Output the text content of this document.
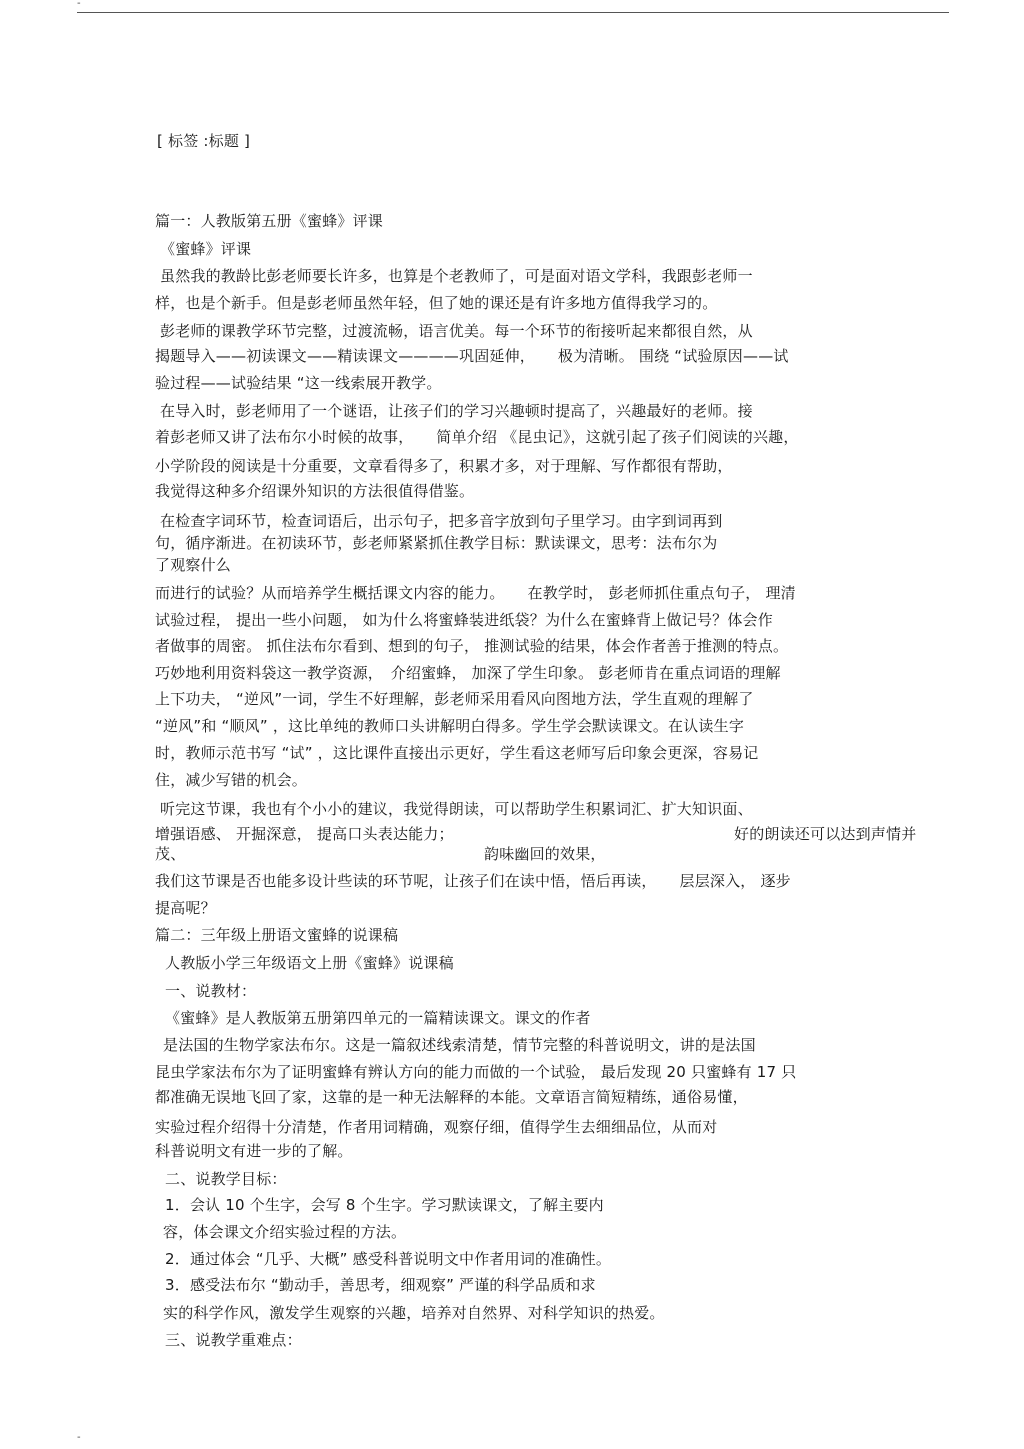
-
[ 标签 :标题 ]
篇一：人教版第五册《蜜蜂》评课
《蜜蜂》评课
虽然我的教龄比彭老师要长许多，也算是个老教师了，可是面对语文学科，我跟彭老师一
样，也是个新手。但是彭老师虽然年轻，但了她的课还是有许多地方值得我学习的。
彭老师的课教学环节完整，过渡流畅，语言优美。每一个环节的衔接听起来都很自然，从
揭题导入——初读课文——精读课文————巩固延伸，　　极为清晰。 围绕 “试验原因——试
验过程——试验结果 “这一线索展开教学。
在导入时，彭老师用了一个谜语，让孩子们的学习兴趣顿时提高了，兴趣最好的老师。接
着彭老师又讲了法布尔小时候的故事，　　简单介绍 《昆虫记》，这就引起了孩子们阅读的兴趣，
小学阶段的阅读是十分重要，文章看得多了，积累才多，对于理解、写作都很有帮助，
我觉得这种多介绍课外知识的方法很值得借鉴。
在检查字词环节，检查词语后，出示句子，把多音字放到句子里学习。由字到词再到
句，循序渐进。在初读环节，彭老师紧紧抓住教学目标：默读课文，思考：法布尔为
了观察什么
而进行的试验？从而培养学生概括课文内容的能力。　　在教学时， 彭老师抓住重点句子， 理清
试验过程， 提出一些小问题， 如为什么将蜜蜂装进纸袋？为什么在蜜蜂背上做记号？体会作
者做事的周密。 抓住法布尔看到、想到的句子， 推测试验的结果，体会作者善于推测的特点。
巧妙地利用资料袋这一教学资源，　介绍蜜蜂， 加深了学生印象。 彭老师肯在重点词语的理解
上下功夫， “逆风”一词，学生不好理解，彭老师采用看风向图地方法，学生直观的理解了
“逆风”和 “顺风” ，这比单纯的教师口头讲解明白得多。学生学会默读课文。在认读生字
时，教师示范书写 “试” ，这比课件直接出示更好，学生看这老师写后印象会更深，容易记
住，减少写错的机会。
听完这节课，我也有个小小的建议，我觉得朗读，可以帮助学生积累词汇、扩大知识面、
增强语感、 开掘深意， 提高口头表达能力；	好的朗读还可以达到声情并
茂、	韵味幽回的效果，
我们这节课是否也能多设计些读的环节呢，让孩子们在读中悟，悟后再读，　　层层深入， 逐步
提高呢？
篇二：三年级上册语文蜜蜂的说课稿
人教版小学三年级语文上册《蜜蜂》说课稿
一、说教材：
《蜜蜂》是人教版第五册第四单元的一篇精读课文。课文的作者
是法国的生物学家法布尔。这是一篇叙述线索清楚，情节完整的科普说明文，讲的是法国
昆虫学家法布尔为了证明蜜蜂有辨认方向的能力而做的一个试验， 最后发现 20 只蜜蜂有 17 只
都准确无误地飞回了家，这靠的是一种无法解释的本能。文章语言简短精练，通俗易懂，
实验过程介绍得十分清楚，作者用词精确，观察仔细，值得学生去细细品位，从而对
科普说明文有进一步的了解。
二、说教学目标：
1．会认 10 个生字，会写 8 个生字。学习默读课文，了解主要内
容，体会课文介绍实验过程的方法。
2．通过体会 “几乎、大概” 感受科普说明文中作者用词的准确性。
3．感受法布尔 “勤动手，善思考，细观察” 严谨的科学品质和求
实的科学作风，激发学生观察的兴趣，培养对自然界、对科学知识的热爱。
三、说教学重难点：
-
